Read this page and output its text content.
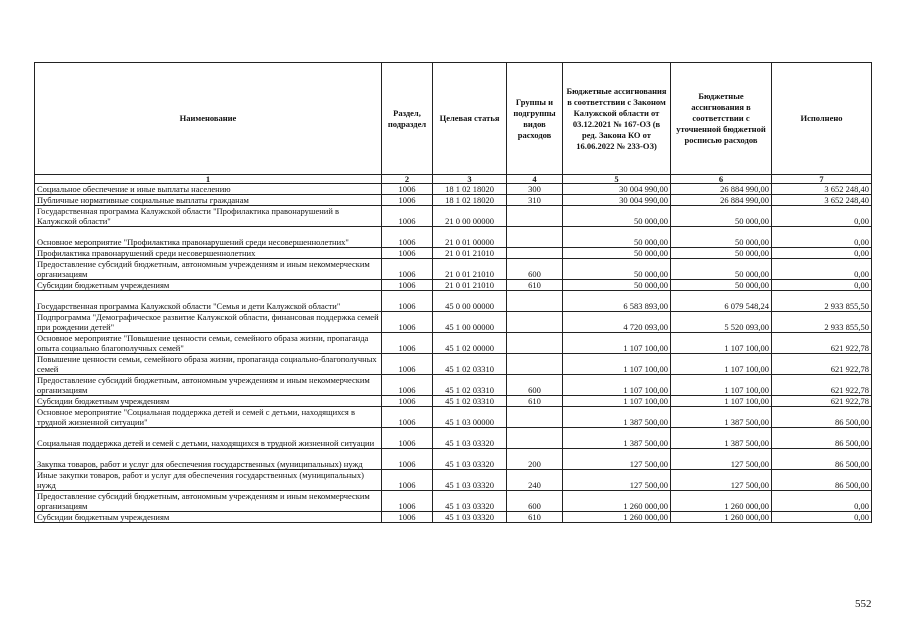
Наименование	Раздел, подраздел	Целевая статья	Группы и подгруппы видов расходов	Бюджетные ассигнования в соответствии с Законом Калужской области от 03.12.2021 № 167-ОЗ (в ред. Закона КО от 16.06.2022 № 233-ОЗ)	Бюджетные ассигнования в соответствии с уточненной бюджетной росписью расходов	Исполнено
1	2	3	4	5	6	7
Социальное обеспечение и иные выплаты населению	1006	18 1 02 18020	300	30 004 990,00	26 884 990,00	3 652 248,40
Публичные нормативные социальные выплаты гражданам	1006	18 1 02 18020	310	30 004 990,00	26 884 990,00	3 652 248,40
Государственная программа Калужской области "Профилактика правонарушений в Калужской области"	1006	21 0 00 00000		50 000,00	50 000,00	0,00
Основное мероприятие "Профилактика правонарушений среди несовершеннолетних"	1006	21 0 01 00000		50 000,00	50 000,00	0,00
Профилактика правонарушений среди несовершеннолетних	1006	21 0 01 21010		50 000,00	50 000,00	0,00
Предоставление субсидий бюджетным, автономным учреждениям и иным некоммерческим организациям	1006	21 0 01 21010	600	50 000,00	50 000,00	0,00
Субсидии бюджетным учреждениям	1006	21 0 01 21010	610	50 000,00	50 000,00	0,00
Государственная программа Калужской области "Семья и дети Калужской области"	1006	45 0 00 00000		6 583 893,00	6 079 548,24	2 933 855,50
Подпрограмма "Демографическое развитие Калужской области, финансовая поддержка семей при рождении детей"	1006	45 1 00 00000		4 720 093,00	5 520 093,00	2 933 855,50
Основное мероприятие "Повышение ценности семьи, семейного образа жизни, пропаганда опыта социально благополучных семей"	1006	45 1 02 00000		1 107 100,00	1 107 100,00	621 922,78
Повышение ценности семьи, семейного образа жизни, пропаганда социально-благополучных семей	1006	45 1 02 03310		1 107 100,00	1 107 100,00	621 922,78
Предоставление субсидий бюджетным, автономным учреждениям и иным некоммерческим организациям	1006	45 1 02 03310	600	1 107 100,00	1 107 100,00	621 922,78
Субсидии бюджетным учреждениям	1006	45 1 02 03310	610	1 107 100,00	1 107 100,00	621 922,78
Основное мероприятие "Социальная поддержка детей и семей с детьми, находящихся в трудной жизненной ситуации"	1006	45 1 03 00000		1 387 500,00	1 387 500,00	86 500,00
Социальная поддержка детей и семей с детьми, находящихся в трудной жизненной ситуации	1006	45 1 03 03320		1 387 500,00	1 387 500,00	86 500,00
Закупка товаров, работ и услуг для обеспечения государственных (муниципальных) нужд	1006	45 1 03 03320	200	127 500,00	127 500,00	86 500,00
Иные закупки товаров, работ и услуг для обеспечения государственных (муниципальных) нужд	1006	45 1 03 03320	240	127 500,00	127 500,00	86 500,00
Предоставление субсидий бюджетным, автономным учреждениям и иным некоммерческим организациям	1006	45 1 03 03320	600	1 260 000,00	1 260 000,00	0,00
Субсидии бюджетным учреждениям	1006	45 1 03 03320	610	1 260 000,00	1 260 000,00	0,00
552
